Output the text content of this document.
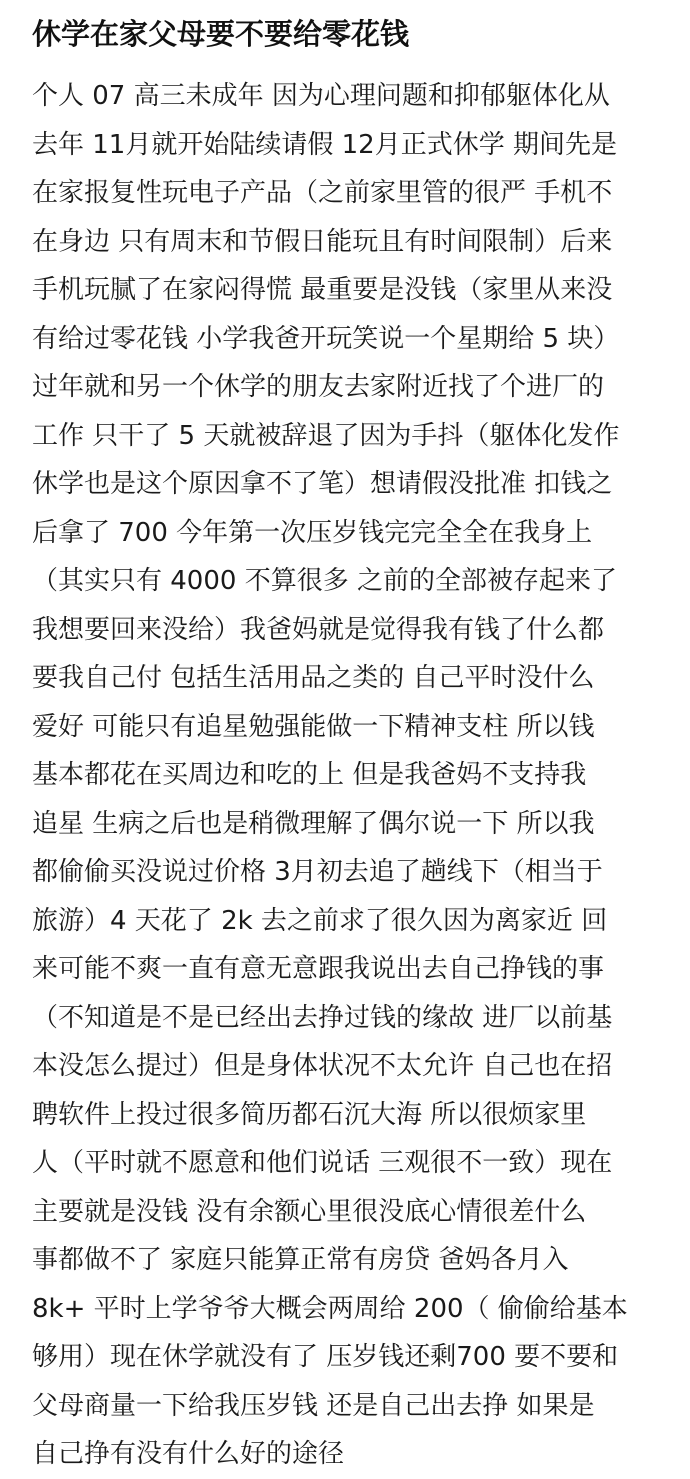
休学在家父母要不要给零花钱
个人 07 高三未成年 因为心理问题和抑郁躯体化从
去年 11月就开始陆续请假 12月正式休学 期间先是
在家报复性玩电子产品（之前家里管的很严 手机不
在身边 只有周末和节假日能玩且有时间限制）后来
手机玩腻了在家闷得慌 最重要是没钱（家里从来没
有给过零花钱 小学我爸开玩笑说一个星期给 5 块）
过年就和另一个休学的朋友去家附近找了个进厂的
工作 只干了 5 天就被辞退了因为手抖（躯体化发作
休学也是这个原因拿不了笔）想请假没批准 扣钱之
后拿了 700 今年第一次压岁钱完完全全在我身上
（其实只有 4000 不算很多 之前的全部被存起来了
我想要回来没给）我爸妈就是觉得我有钱了什么都
要我自己付 包括生活用品之类的 自己平时没什么
爱好 可能只有追星勉强能做一下精神支柱 所以钱
基本都花在买周边和吃的上 但是我爸妈不支持我
追星 生病之后也是稍微理解了偶尔说一下 所以我
都偷偷买没说过价格 3月初去追了趟线下（相当于
旅游）4 天花了 2k 去之前求了很久因为离家近 回
来可能不爽一直有意无意跟我说出去自己挣钱的事
（不知道是不是已经出去挣过钱的缘故 进厂以前基
本没怎么提过）但是身体状况不太允许 自己也在招
聘软件上投过很多简历都石沉大海 所以很烦家里
人（平时就不愿意和他们说话 三观很不一致）现在
主要就是没钱 没有余额心里很没底心情很差什么
事都做不了 家庭只能算正常有房贷 爸妈各月入
8k+ 平时上学爷爷大概会两周给 200（ 偷偷给基本
够用）现在休学就没有了 压岁钱还剩700 要不要和
父母商量一下给我压岁钱 还是自己出去挣 如果是
自己挣有没有什么好的途径
